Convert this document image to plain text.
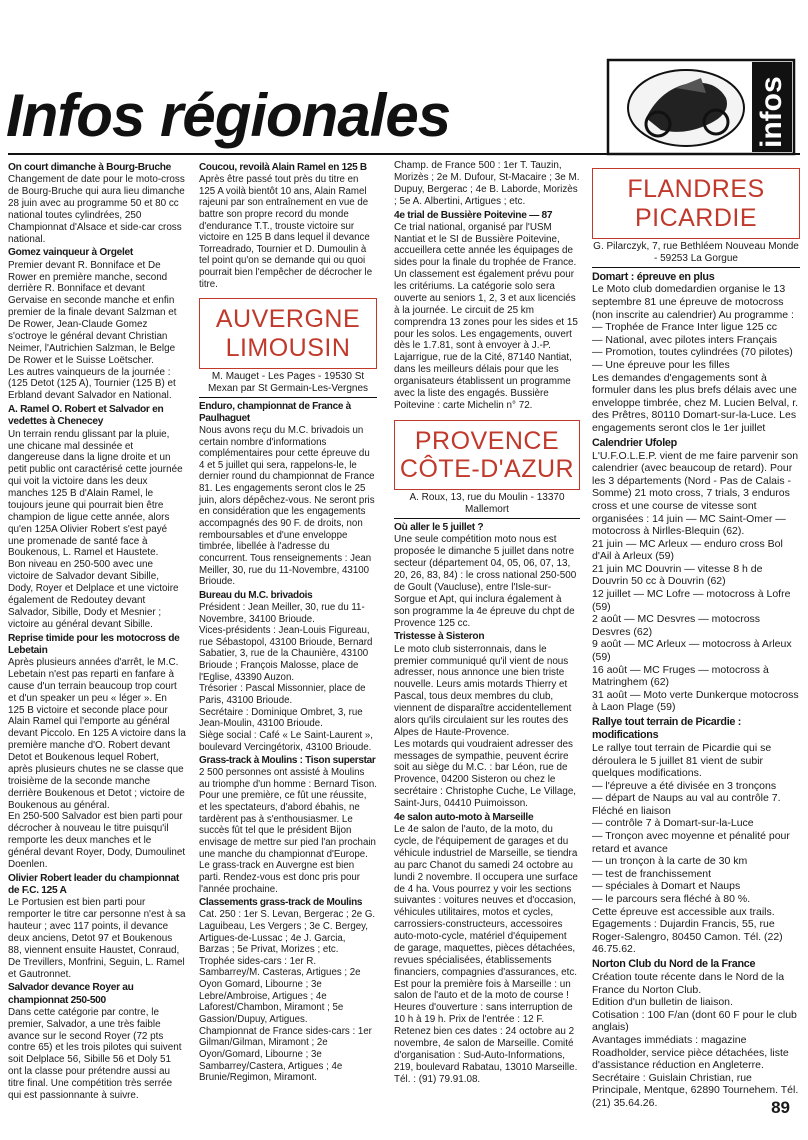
Infos régionales	infos
On court dimanche à Bourg-Bruche

Changement de date pour le moto-cross de Bourg-Bruche qui aura lieu dimanche 28 juin avec au programme 50 et 80 cc national toutes cylindrées, 250 Championnat d'Alsace et side-car cross national.

Gomez vainqueur à Orgelet

Premier devant R. Bonniface et De Rower en première manche, second derrière R. Bonniface et devant Gervaise en seconde manche et enfin premier de la finale devant Salzman et De Rower, Jean-Claude Gomez s'octroye le général devant Christian Neimer, l'Autrichien Salzman, le Belge De Rower et le Suisse Loëtscher.

Les autres vainqueurs de la journée : (125 Detot (125 A), Tournier (125 B) et Erbland devant Salvador en National.

A. Ramel O. Robert et Salvador en vedettes à Chenecey

Un terrain rendu glissant par la pluie, une chicane mal dessinée et dangereuse dans la ligne droite et un petit public ont caractérisé cette journée qui voit la victoire dans les deux manches 125 B d'Alain Ramel, le toujours jeune qui pourrait bien être champion de ligue cette année, alors qu'en 125A Olivier Robert s'est payé une promenade de santé face à Boukenous, L. Ramel et Haustete.

Bon niveau en 250-500 avec une victoire de Salvador devant Sibille, Dody, Royer et Delplace et une victoire également de Redoutey devant Salvador, Sibille, Dody et Mesnier ; victoire au général devant Sibille.

Reprise timide pour les motocross de Lebetain

Après plusieurs années d'arrêt, le M.C. Lebetain n'est pas reparti en fanfare à cause d'un terrain beaucoup trop court et d'un speaker un peu « léger ». En 125 B victoire et seconde place pour Alain Ramel qui l'emporte au général devant Piccolo. En 125 A victoire dans la première manche d'O. Robert devant Detot et Boukenous lequel Robert, après plusieurs chutes ne se classe que troisième de la seconde manche derrière Boukenous et Detot ; victoire de Boukenous au général.

En 250-500 Salvador est bien parti pour décrocher à nouveau le titre puisqu'il remporte les deux manches et le général devant Royer, Dody, Dumoulinet Doenlen.

Olivier Robert leader du championnat de F.C. 125 A

Le Portusien est bien parti pour remporter le titre car personne n'est à sa hauteur ; avec 117 points, il devance deux anciens, Detot 97 et Boukenous 88, viennent ensuite Haustet, Conraud, De Trevillers, Monfrini, Seguin, L. Ramel et Gautronnet.

Salvador devance Royer au championnat 250-500

Dans cette catégorie par contre, le premier, Salvador, a une très faible avance sur le second Royer (72 pts contre 65) et les trois pilotes qui suivent soit Delplace 56, Sibille 56 et Doly 51 ont la classe pour prétendre aussi au titre final. Une compétition très serrée qui est passionnante à suivre.

Coucou, revoilà Alain Ramel en 125 B

Après être passé tout près du titre en 125 A voilà bientôt 10 ans, Alain Ramel rajeuni par son entraînement en vue de battre son propre record du monde d'endurance T.T., trouste victoire sur victoire en 125 B dans lequel il devance Torreadrado, Tournier et D. Dumoulin à tel point qu'on se demande qui ou quoi pourrait bien l'empêcher de décrocher le titre.

AUVERGNE LIMOUSIN
M. Mauget - Les Pages - 19530 St Mexan par St Germain-Les-Vergnes
Enduro, championnat de France à Paulhaguet

Nous avons reçu du M.C. brivadois un certain nombre d'informations complémentaires pour cette épreuve du 4 et 5 juillet qui sera, rappelons-le, le dernier round du championnat de France 81. Les engagements seront clos le 25 juin, alors dépêchez-vous. Ne seront pris en considération que les engagements accompagnés des 90 F. de droits, non remboursables et d'une enveloppe timbrée, libellée à l'adresse du concurrent. Tous renseignements : Jean Meiller, 30, rue du 11-Novembre, 43100 Brioude.

Bureau du M.C. brivadois

Président : Jean Meiller, 30, rue du 11-Novembre, 34100 Brioude.

Vices-présidents : Jean-Louis Figureau, rue Sébastopol, 43100 Brioude, Bernard Sabatier, 3, rue de la Chaunière, 43100 Brioude ; François Malosse, place de l'Eglise, 43390 Auzon.

Trésorier : Pascal Missonnier, place de Paris, 43100 Brioude.

Secrétaire : Dominique Ombret, 3, rue Jean-Moulin, 43100 Brioude.

Siège social : Café « Le Saint-Laurent », boulevard Vercingétorix, 43100 Brioude.

Grass-track à Moulins : Tison superstar

2 500 personnes ont assisté à Moulins au triomphe d'un homme : Bernard Tison. Pour une première, ce fût une réussite, et les spectateurs, d'abord ébahis, ne tardèrent pas à s'enthousiasmer. Le succès fût tel que le président Bijon envisage de mettre sur pied l'an prochain une manche du championnat d'Europe. Le grass-track en Auvergne est bien parti. Rendez-vous est donc pris pour l'année prochaine.

Classements grass-track de Moulins

Cat. 250 : 1er S. Levan, Bergerac ; 2e G. Laguibeau, Les Vergers ; 3e C. Bergey, Artigues-de-Lussac ; 4e J. Garcia, Barzas ; 5e Privat, Morizes ; etc.

Trophée sides-cars : 1er R. Sambarrey/M. Casteras, Artigues ; 2e Oyon Gomard, Libourne ; 3e Lebre/Ambroise, Artigues ; 4e Laforest/Chambon, Miramont ; 5e Gassion/Dupuy, Artigues.

Championnat de France sides-cars : 1er Gilman/Gilman, Miramont ; 2e Oyon/Gomard, Libourne ; 3e Sambarrey/Castera, Artigues ; 4e Brunie/Regimon, Miramont.

Champ. de France 500 : 1er T. Tauzin, Morizès ; 2e M. Dufour, St-Macaire ; 3e M. Dupuy, Bergerac ; 4e B. Laborde, Morizès ; 5e A. Albertini, Artigues ; etc.

4e trial de Bussière Poitevine — 87

Ce trial national, organisé par l'USM Nantiat et le SI de Bussière Poitevine, accueillera cette année les équipages de sides pour la finale du trophée de France. Un classement est également prévu pour les critériums. La catégorie solo sera ouverte au seniors 1, 2, 3 et aux licenciés à la journée. Le circuit de 25 km comprendra 13 zones pour les sides et 15 pour les solos. Les engagements, ouvert dès le 1.7.81, sont à envoyer à J.-P. Lajarrigue, rue de la Cité, 87140 Nantiat, dans les meilleurs délais pour que les organisateurs établissent un programme avec la liste des engagés. Bussière Poitevine : carte Michelin n° 72.

PROVENCE CÔTE-D'AZUR
A. Roux, 13, rue du Moulin - 13370 Mallemort
Où aller le 5 juillet ?

Une seule compétition moto nous est proposée le dimanche 5 juillet dans notre secteur (département 04, 05, 06, 07, 13, 20, 26, 83, 84) : le cross national 250-500 de Goult (Vaucluse), entre l'Isle-sur-Sorgue et Apt, qui inclura également à son programme la 4e épreuve du chpt de Provence 125 cc.

Tristesse à Sisteron

Le moto club sisterronnais, dans le premier communiqué qu'il vient de nous adresser, nous annonce une bien triste nouvelle. Leurs amis motards Thierry et Pascal, tous deux membres du club, viennent de disparaître accidentellement alors qu'ils circulaient sur les routes des Alpes de Haute-Provence.

Les motards qui voudraient adresser des messages de sympathie, peuvent écrire soit au siège du M.C. : bar Léon, rue de Provence, 04200 Sisteron ou chez le secrétaire : Christophe Cuche, Le Village, Saint-Jurs, 04410 Puimoisson.

4e salon auto-moto à Marseille

Le 4e salon de l'auto, de la moto, du cycle, de l'équipement de garages et du véhicule industriel de Marseille, se tiendra au parc Chanot du samedi 24 octobre au lundi 2 novembre. Il occupera une surface de 4 ha. Vous pourrez y voir les sections suivantes : voitures neuves et d'occasion, véhicules utilitaires, motos et cycles, carrossiers-constructeurs, accessoires auto-moto-cycle, matériel d'équipement de garage, maquettes, pièces détachées, revues spécialisées, établissements financiers, compagnies d'assurances, etc. Est pour la première fois à Marseille : un salon de l'auto et de la moto de course !

Heures d'ouverture : sans interruption de 10 h à 19 h. Prix de l'entrée : 12 F. Retenez bien ces dates : 24 octobre au 2 novembre, 4e salon de Marseille. Comité d'organisation : Sud-Auto-Informations, 219, boulevard Rabatau, 13010 Marseille. Tél. : (91) 79.91.08.

FLANDRES PICARDIE
G. Pilarczyk, 7, rue Bethléem Nouveau Monde - 59253 La Gorgue
Domart : épreuve en plus

Le Moto club domedardien organise le 13 septembre 81 une épreuve de motocross (non inscrite au calendrier) Au programme :

— Trophée de France Inter ligue 125 cc

— National, avec pilotes inters Français

— Promotion, toutes cylindrées (70 pilotes)

— Une épreuve pour les filles

Les demandes d'engagements sont à formuler dans les plus brefs délais avec une enveloppe timbrée, chez M. Lucien Belval, r. des Prêtres, 80110 Domart-sur-la-Luce. Les engagements seront clos le 1er juillet

Calendrier Ufolep

L'U.F.O.L.E.P. vient de me faire parvenir son calendrier (avec beaucoup de retard). Pour les 3 départements (Nord - Pas de Calais - Somme) 21 moto cross, 7 trials, 3 enduros cross et une course de vitesse sont organisées : 14 juin — MC Saint-Omer — motocross à Nirlles-Blequin (62).

21 juin — MC Arleux — enduro cross Bol d'Ail à Arleux (59)

21 juin MC Douvrin — vitesse 8 h de Douvrin 50 cc à Douvrin (62)

12 juillet — MC Lofre — motocross à Lofre (59)

2 août — MC Desvres — motocross Desvres (62)

9 août — MC Arleux — motocross à Arleux (59)

16 août — MC Fruges — motocross à Matringhem (62)

31 août — Moto verte Dunkerque motocross à Laon Plage (59)

Rallye tout terrain de Picardie : modifications

Le rallye tout terrain de Picardie qui se déroulera le 5 juillet 81 vient de subir quelques modifications.

— l'épreuve a été divisée en 3 tronçons

— départ de Naups au val au contrôle 7. Fléché en liaison

— contrôle 7 à Domart-sur-la-Luce

— Tronçon avec moyenne et pénalité pour retard et avance

— un tronçon à la carte de 30 km

— test de franchissement

— spéciales à Domart et Naups

— le parcours sera fléché à 80 %.

Cette épreuve est accessible aux trails. Egagements : Dujardin Francis, 55, rue Roger-Salengro, 80450 Camon. Tél. (22) 46.75.62.

Norton Club du Nord de la France

Création toute récente dans le Nord de la France du Norton Club.

Edition d'un bulletin de liaison.

Cotisation : 100 F/an (dont 60 F pour le club anglais)

Avantages immédiats : magazine Roadholder, service pièce détachées, liste d'assistance réduction en Angleterre.

Secrétaire : Guislain Christian, rue Principale, Mentque, 62890 Tournehem. Tél. (21) 35.64.26.	89
